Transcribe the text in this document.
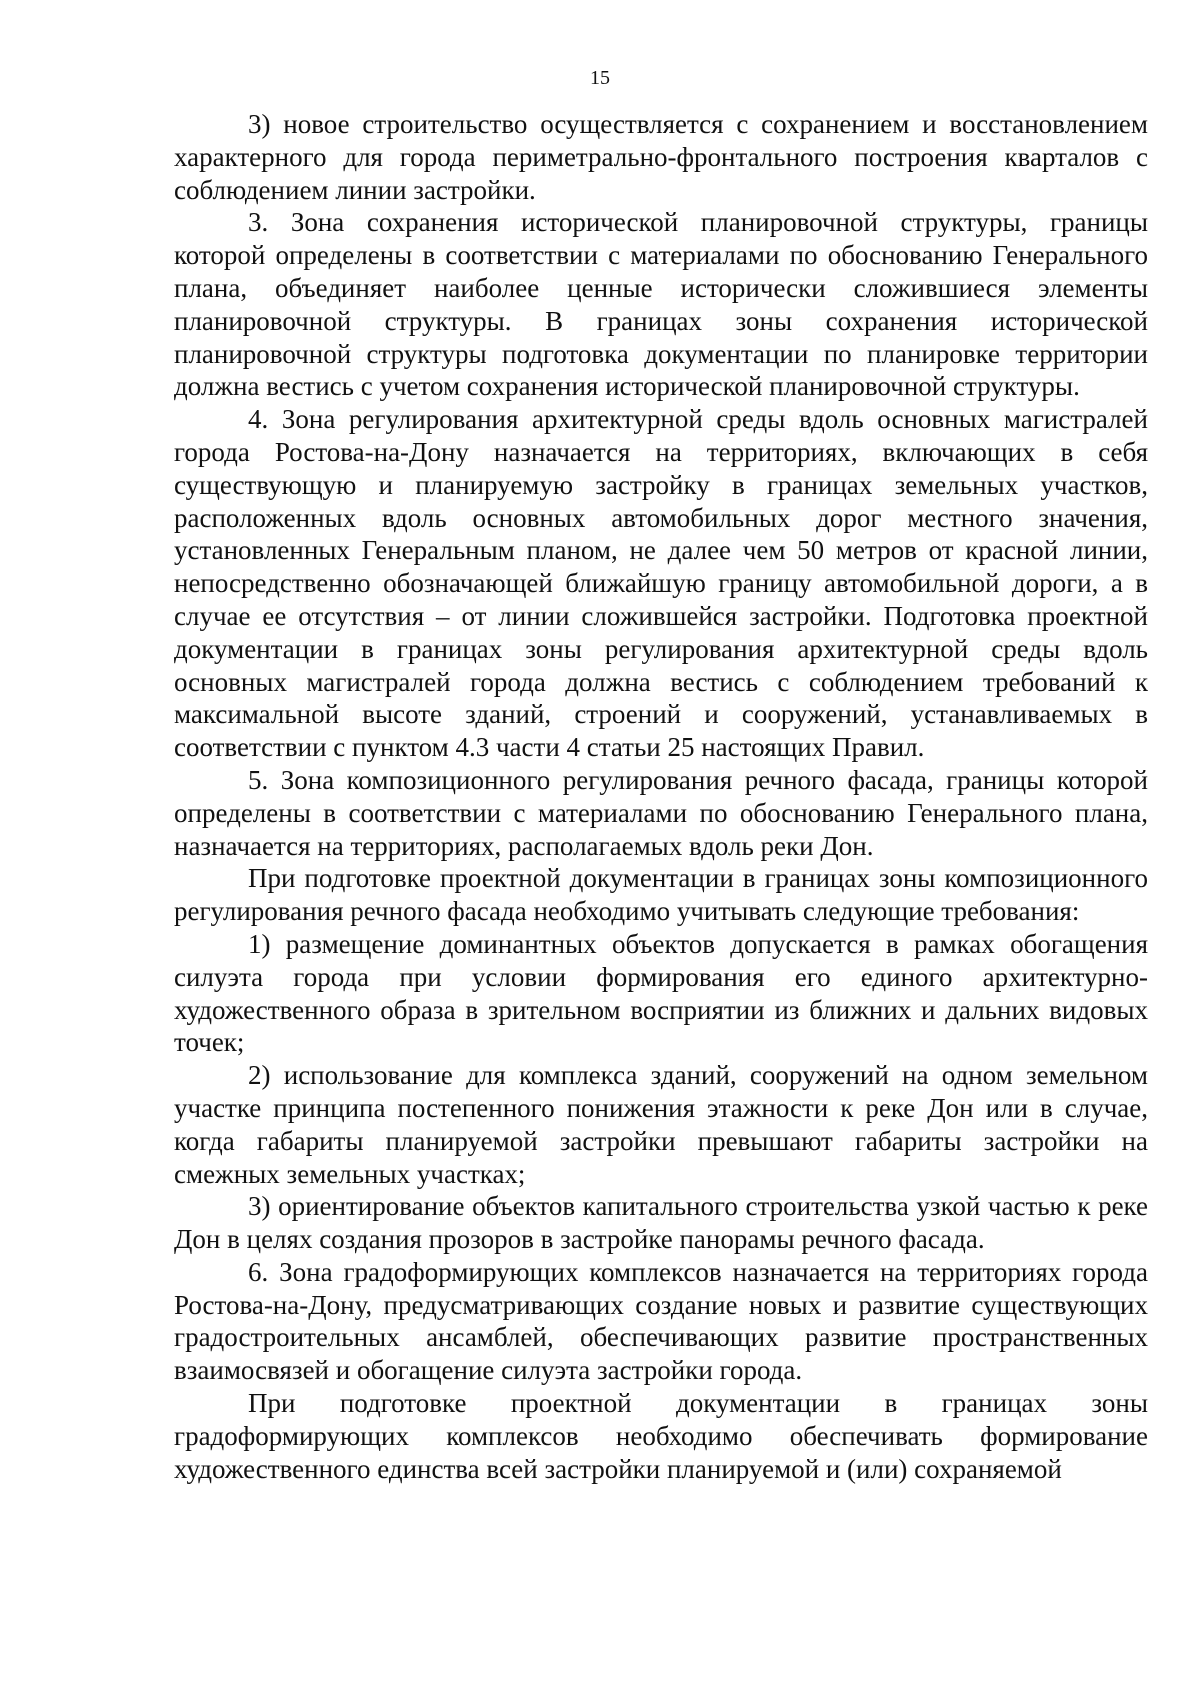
15

3) новое строительство осуществляется с сохранением и восстановлением характерного для города периметрально-фронтального построения кварталов с соблюдением линии застройки.

3. Зона сохранения исторической планировочной структуры, границы которой определены в соответствии с материалами по обоснованию Генерального плана, объединяет наиболее ценные исторически сложившиеся элементы планировочной структуры. В границах зоны сохранения исторической планировочной структуры подготовка документации по планировке территории должна вестись с учетом сохранения исторической планировочной структуры.

4. Зона регулирования архитектурной среды вдоль основных магистралей города Ростова-на-Дону назначается на территориях, включающих в себя существующую и планируемую застройку в границах земельных участков, расположенных вдоль основных автомобильных дорог местного значения, установленных Генеральным планом, не далее чем 50 метров от красной линии, непосредственно обозначающей ближайшую границу автомобильной дороги, а в случае ее отсутствия – от линии сложившейся застройки. Подготовка проектной документации в границах зоны регулирования архитектурной среды вдоль основных магистралей города должна вестись с соблюдением требований к максимальной высоте зданий, строений и сооружений, устанавливаемых в соответствии с пунктом 4.3 части 4 статьи 25 настоящих Правил.

5. Зона композиционного регулирования речного фасада, границы которой определены в соответствии с материалами по обоснованию Генерального плана, назначается на территориях, располагаемых вдоль реки Дон.

При подготовке проектной документации в границах зоны композиционного регулирования речного фасада необходимо учитывать следующие требования:

1) размещение доминантных объектов допускается в рамках обогащения силуэта города при условии формирования его единого архитектурно-художественного образа в зрительном восприятии из ближних и дальних видовых точек;

2) использование для комплекса зданий, сооружений на одном земельном участке принципа постепенного понижения этажности к реке Дон или в случае, когда габариты планируемой застройки превышают габариты застройки на смежных земельных участках;

3) ориентирование объектов капитального строительства узкой частью к реке Дон в целях создания прозоров в застройке панорамы речного фасада.

6. Зона градоформирующих комплексов назначается на территориях города Ростова-на-Дону, предусматривающих создание новых и развитие существующих градостроительных ансамблей, обеспечивающих развитие пространственных взаимосвязей и обогащение силуэта застройки города.

При подготовке проектной документации в границах зоны градоформирующих комплексов необходимо обеспечивать формирование художественного единства всей застройки планируемой и (или) сохраняемой
